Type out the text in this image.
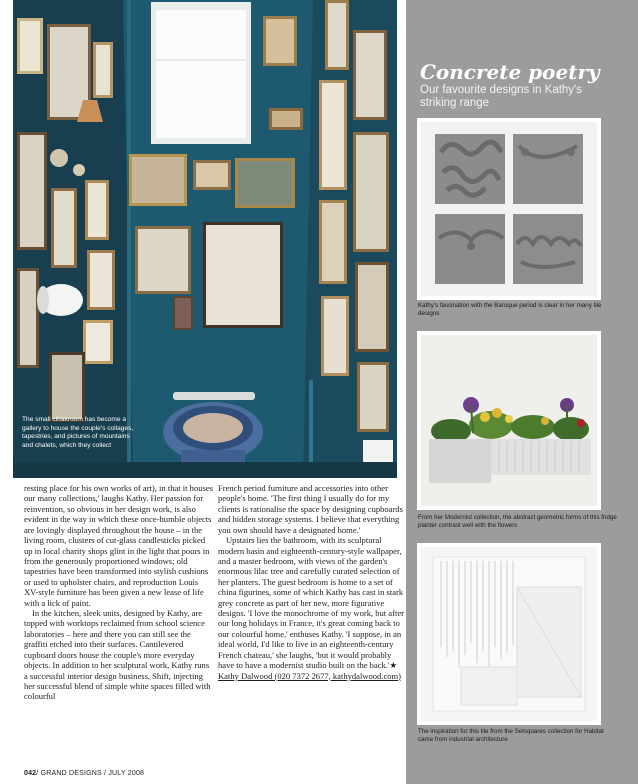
The small cloakroom has become a gallery to house the couple's collages, tapestries, and pictures of mountains and chalets, which they collect

resting place for his own works of art), in that it houses our many collections,' laughs Kathy. Her passion for reinvention, so obvious in her design work, is also evident in the way in which these once-humble objects are lovingly displayed throughout the house – in the living room, clusters of cut-glass candlesticks picked up in local charity shops glint in the light that pours in from the generously proportioned windows; old tapestries have been transformed into stylish cushions or used to upholster chairs, and reproduction Louis XV-style furniture has been given a new lease of life with a lick of paint.

In the kitchen, sleek units, designed by Kathy, are topped with worktops reclaimed from school science laboratories – here and there you can still see the graffiti etched into their surfaces. Cantilevered cupboard doors house the couple's more everyday objects. In addition to her sculptural work, Kathy runs a successful interior design business, Shift, injecting her successful blend of simple white spaces filled with colourful

French period furniture and accessories into other people's home. 'The first thing I usually do for my clients is rationalise the space by designing cupboards and hidden storage systems. I believe that everything you own should have a designated home.'

Upstairs lies the bathroom, with its sculptural modern basin and eighteenth-century-style wallpaper, and a master bedroom, with views of the garden's enormous lilac tree and carefully curated selection of her planters. The guest bedroom is home to a set of china figurines, some of which Kathy has cast in stark grey concrete as part of her new, more figurative designs. 'I love the monochrome of my work, but after our long holidays in France, it's great coming back to our colourful home,' enthuses Kathy. 'I suppose, in an ideal world, I'd like to live in an eighteenth-century French chateau,' she laughs, 'but it would probably have to have a modernist studio built on the back.'★

Kathy Dalwood (020 7372 2677, kathydalwood.com)

042/ GRAND DESIGNS / JULY 2008
Concrete poetry
Our favourite designs in Kathy's striking range
Kathy's fascination with the Baroque period is clear in her many tile designs
From her Modernist collection, the abstract geometric forms of this fridge planter contrast well with the flowers
The inspiration for this tile from the Setsquares collection for Habitat came from industrial architecture
